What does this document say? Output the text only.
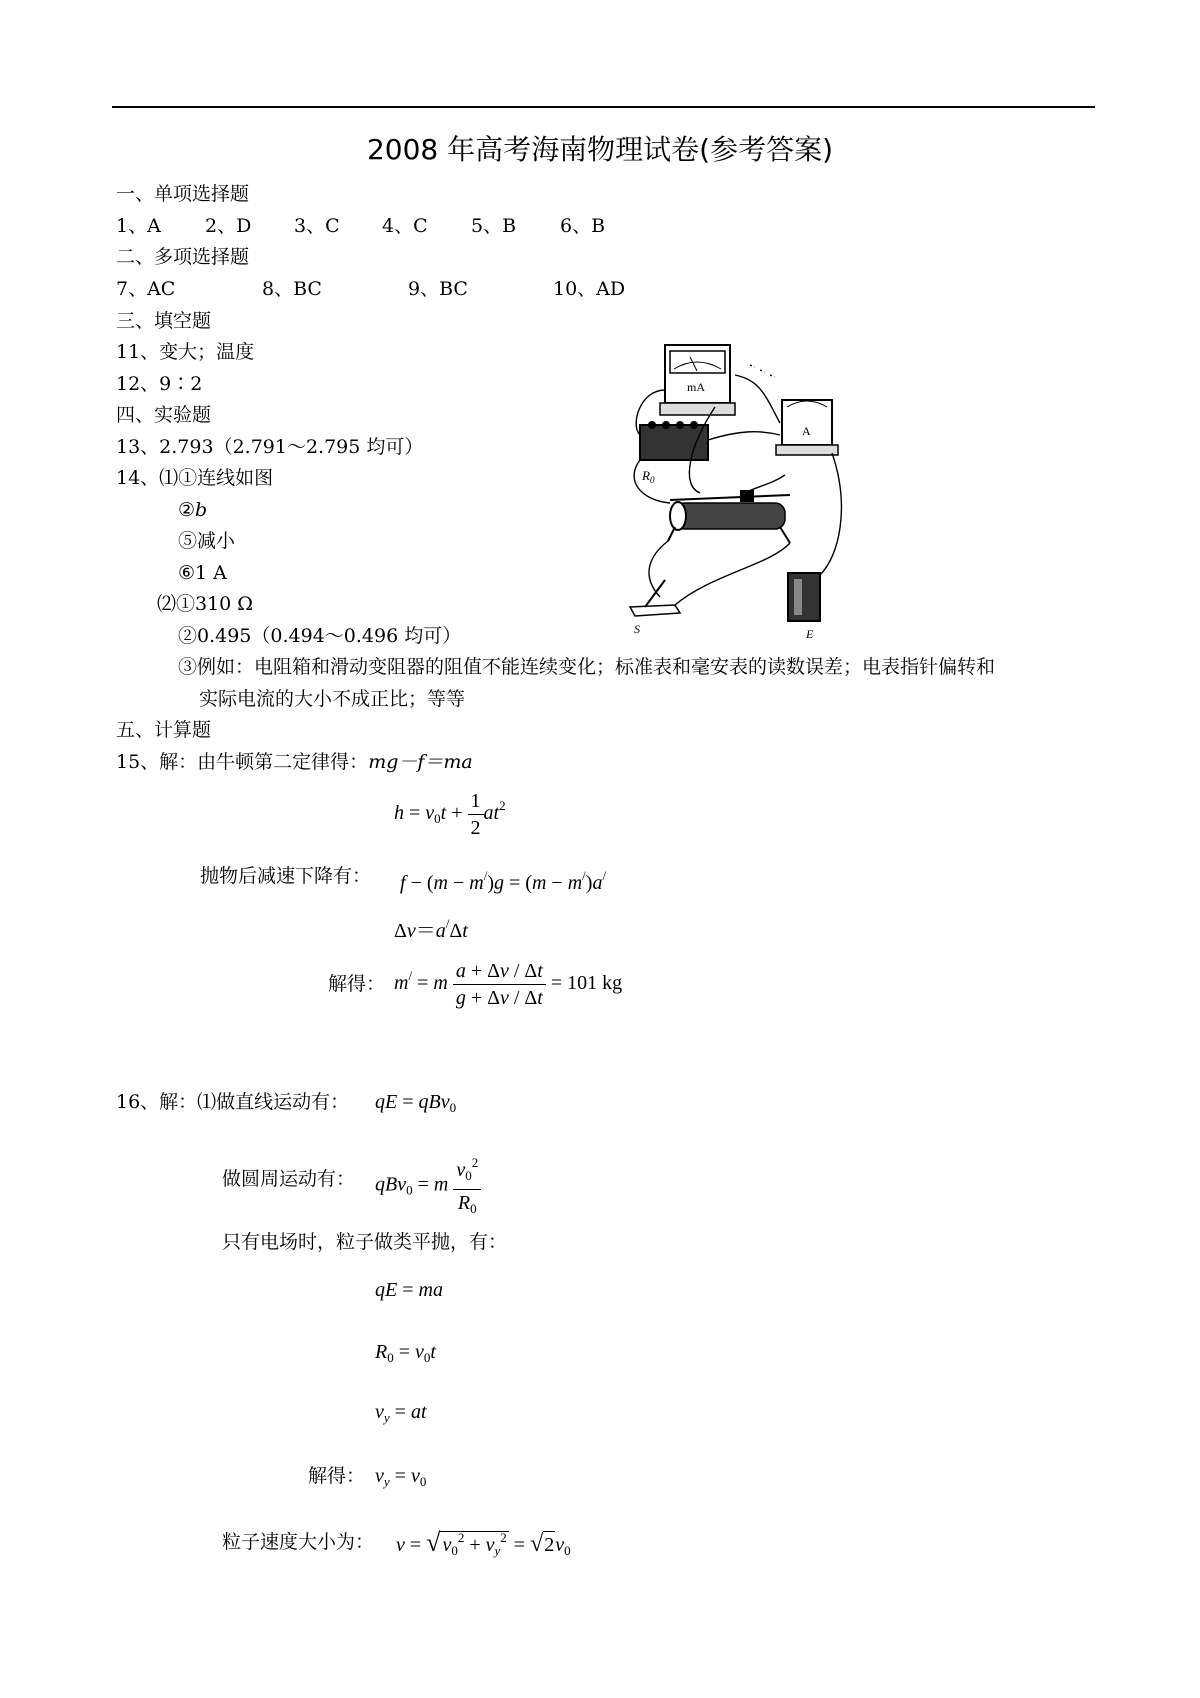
2008 年高考海南物理试卷(参考答案)
一、单项选择题
1、A 2、D 3、C 4、C 5、B 6、B
二、多项选择题
7、AC	8、BC	9、BC	10、AD
三、填空题
11、变大；温度
12、9∶2
四、实验题
13、2.793（2.791～2.795 均可）
14、⑴①连线如图
②b
⑤减小
⑥1 A
⑵①310 Ω
②0.495（0.494～0.496 均可）
③例如：电阻箱和滑动变阻器的阻值不能连续变化；标准表和毫安表的读数误差；电表指针偏转和
实际电流的大小不成正比；等等
mA
A
$R_0$
S	E
五、计算题
15、解：由牛顿第二定律得：mg－f＝ma
$h = v_0t + \frac{1}{2} at^2$
抛物后减速下降有： f − (m − m/)g = (m − m/)a/
Δv＝a/Δt
解得： m/ = m $\frac{a + \Delta v / \Delta t}{g + \Delta v / \Delta t} = 101$ kg
16、解：⑴做直线运动有： qE = qBv$_0$
做圆周运动有： qBv$_0$ = m $\frac{v_0^2}{R_0}$
只有电场时，粒子做类平抛，有：
qE = ma
$R_0 = v_0t$
$v_y$ = at
解得： $v_y = v_0$
粒子速度大小为： v = √ $v_0^2 + v_y^2 = √2v_0$
